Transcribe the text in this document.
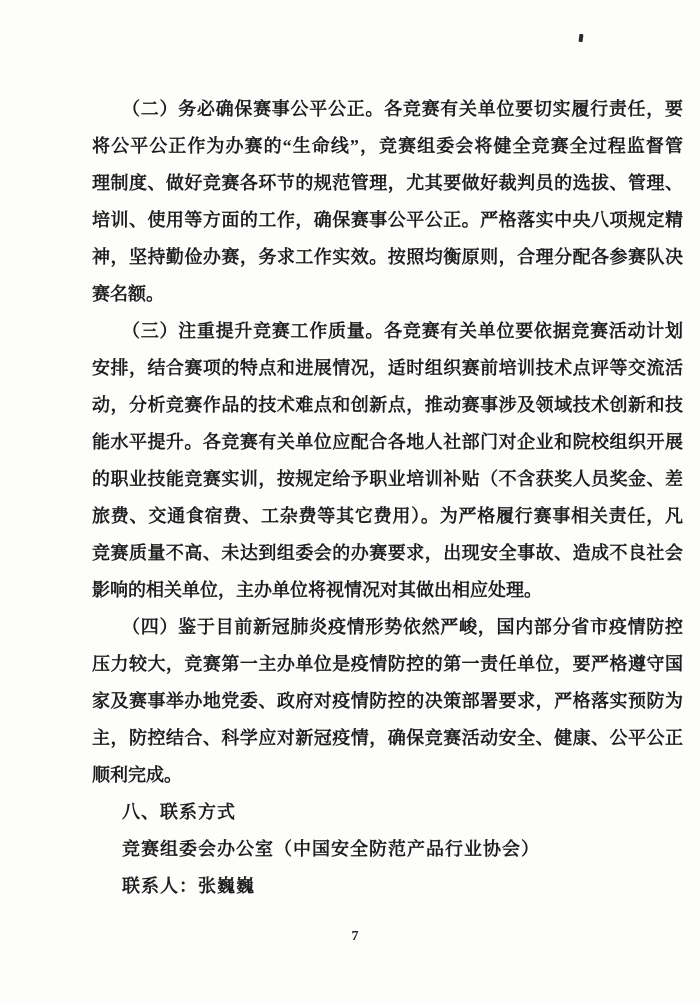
（二）务必确保赛事公平公正。各竞赛有关单位要切实履行责任，要
将公平公正作为办赛的“生命线”，竞赛组委会将健全竞赛全过程监督管
理制度、做好竞赛各环节的规范管理，尤其要做好裁判员的选拔、管理、
培训、使用等方面的工作，确保赛事公平公正。严格落实中央八项规定精
神，坚持勤俭办赛，务求工作实效。按照均衡原则，合理分配各参赛队决
赛名额。
（三）注重提升竞赛工作质量。各竞赛有关单位要依据竞赛活动计划
安排，结合赛项的特点和进展情况，适时组织赛前培训技术点评等交流活
动，分析竞赛作品的技术难点和创新点，推动赛事涉及领域技术创新和技
能水平提升。各竞赛有关单位应配合各地人社部门对企业和院校组织开展
的职业技能竞赛实训，按规定给予职业培训补贴（不含获奖人员奖金、差
旅费、交通食宿费、工杂费等其它费用）。为严格履行赛事相关责任，凡
竞赛质量不高、未达到组委会的办赛要求，出现安全事故、造成不良社会
影响的相关单位，主办单位将视情况对其做出相应处理。
（四）鉴于目前新冠肺炎疫情形势依然严峻，国内部分省市疫情防控
压力较大，竞赛第一主办单位是疫情防控的第一责任单位，要严格遵守国
家及赛事举办地党委、政府对疫情防控的决策部署要求，严格落实预防为
主，防控结合、科学应对新冠疫情，确保竞赛活动安全、健康、公平公正
顺利完成。
八、联系方式
竞赛组委会办公室（中国安全防范产品行业协会）
联系人：张巍巍
7
